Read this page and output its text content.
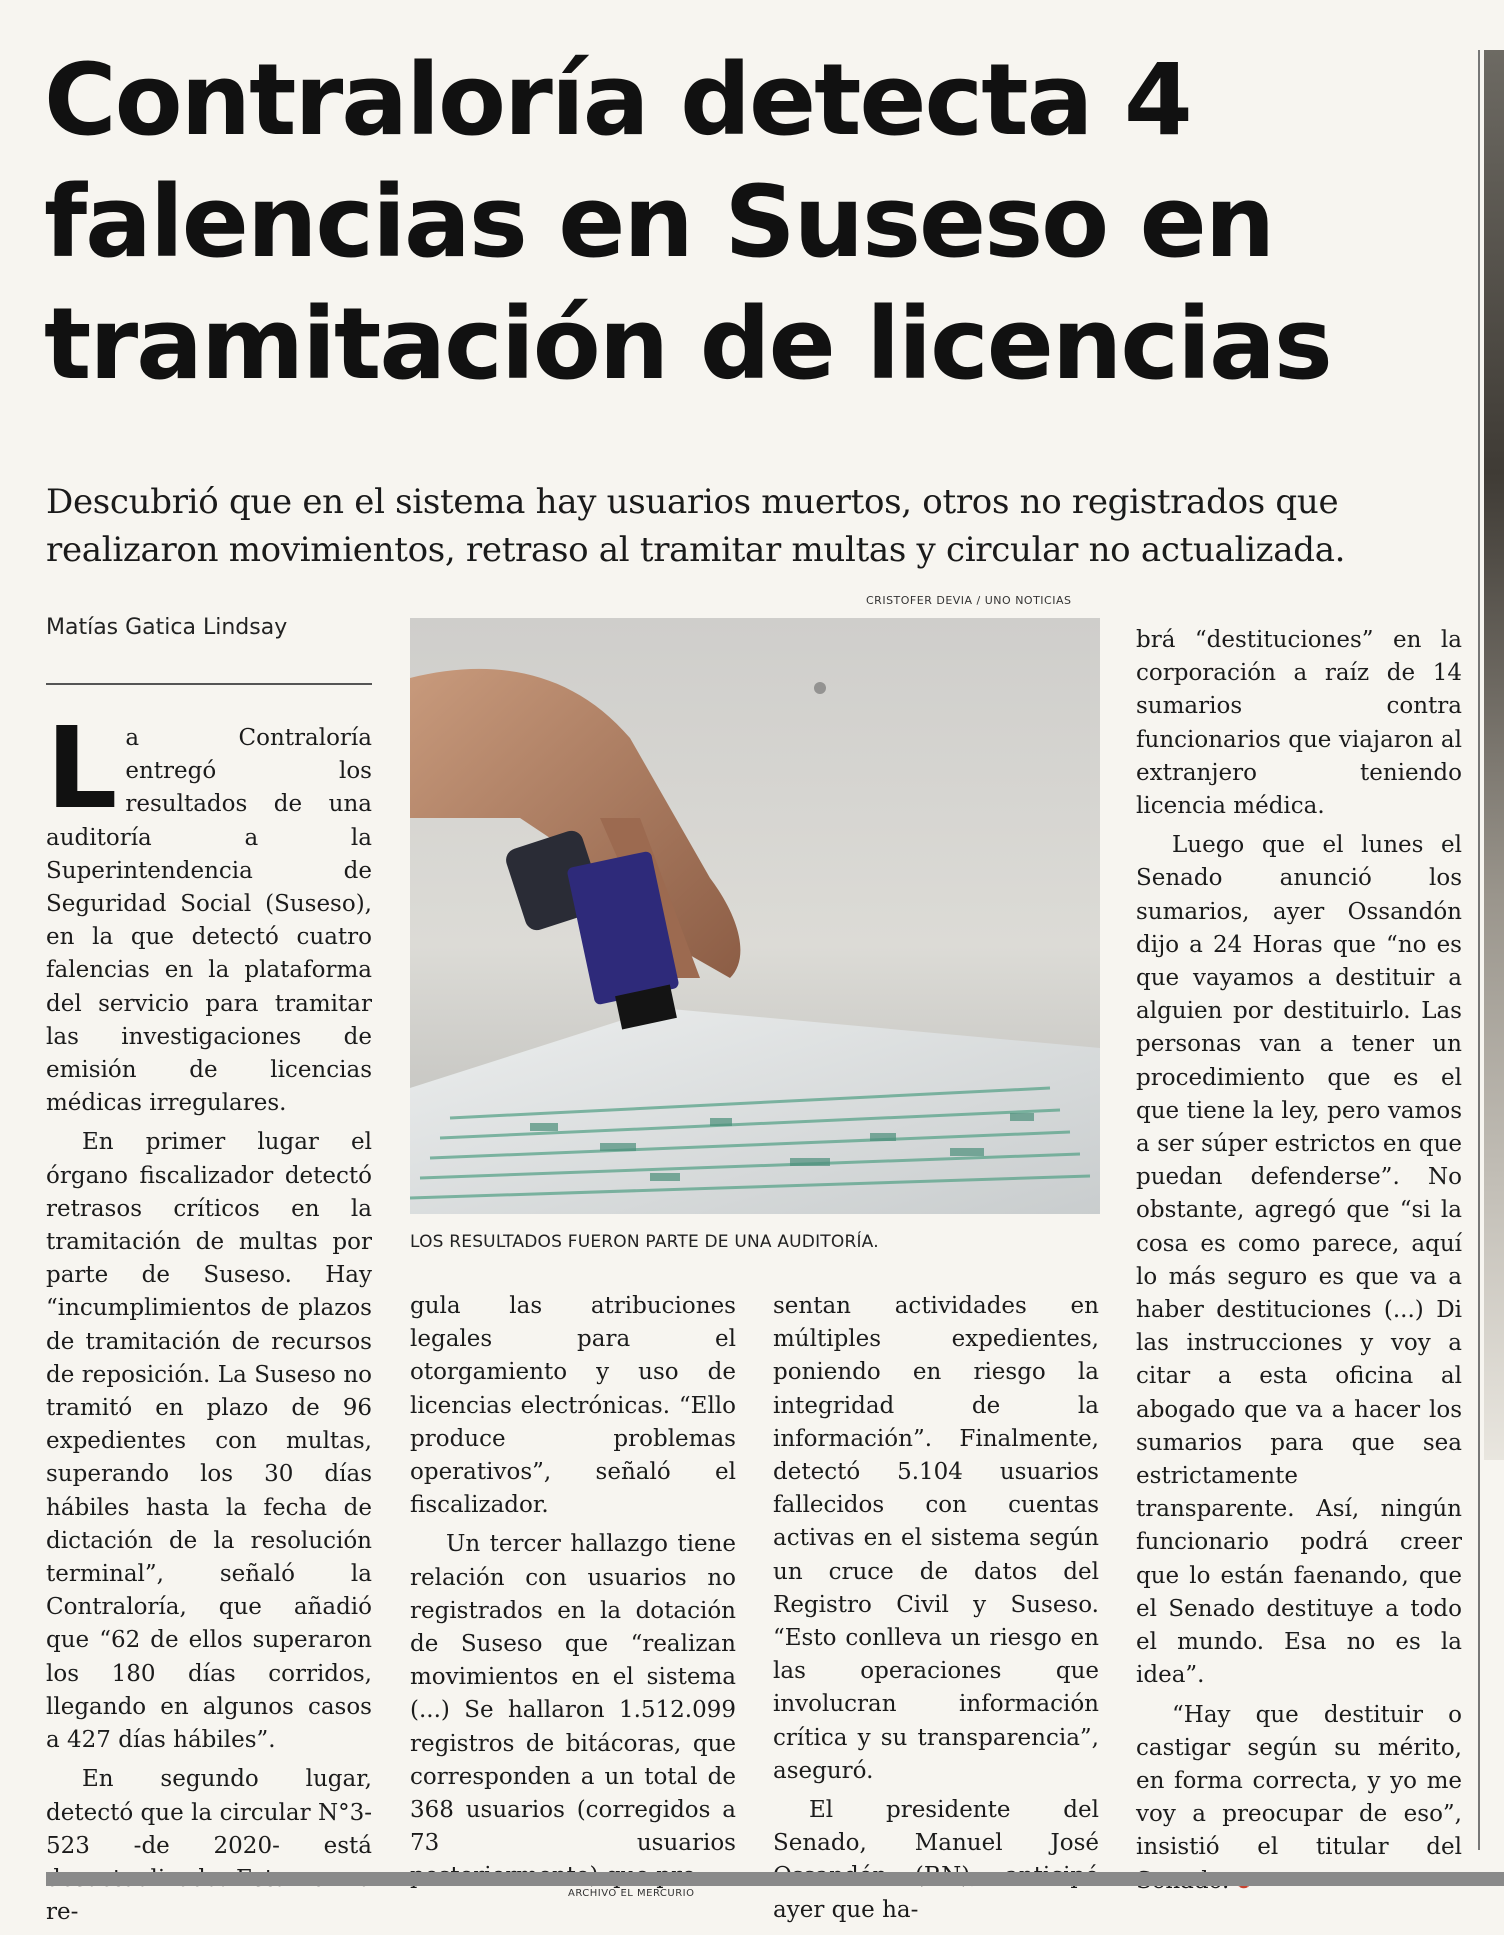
Contraloría detecta 4 falencias en Suseso en tramitación de licencias

Descubrió que en el sistema hay usuarios muertos, otros no registrados que realizaron movimientos, retraso al tramitar multas y circular no actualizada.

Matías Gatica Lindsay

La Contraloría entregó los resultados de una auditoría a la Superintendencia de Seguridad Social (Suseso), en la que detectó cuatro falencias en la plataforma del servicio para tramitar las investigaciones de emisión de licencias médicas irregulares.

En primer lugar el órgano fiscalizador detectó retrasos críticos en la tramitación de multas por parte de Suseso. Hay “incumplimientos de plazos de tramitación de recursos de reposición. La Suseso no tramitó en plazo de 96 expedientes con multas, superando los 30 días hábiles hasta la fecha de dictación de la resolución terminal”, señaló la Contraloría, que añadió que “62 de ellos superaron los 180 días corridos, llegando en algunos casos a 427 días hábiles”.

En segundo lugar, detectó que la circular N°3-523 -de 2020- está re-

CRISTOFER DEVIA / UNO NOTICIAS
LOS RESULTADOS FUERON PARTE DE UNA AUDITORÍA.

gula las atribuciones legales para el otorgamiento y uso de licencias electrónicas. “Ello produce problemas operativos”, señaló el fiscalizador.

Un tercer hallazgo tiene relación con usuarios no registrados en la dotación de Suseso que “realizan movimientos en el sistema (...) Se hallaron 1.512.099 registros de bitácoras, que corresponden a un total de 368 usuarios (corregidos a 73 usuarios

sentan actividades en múltiples expedientes, poniendo en riesgo la integridad de la información”. Finalmente, detectó 5.104 usuarios fallecidos con cuentas activas en el sistema según un cruce de datos del Registro Civil y Suseso. “Esto conlleva un riesgo en las operaciones que involucran información crítica y su transparencia”, aseguró.

El presidente del Senado, Manuel José ayer que ha-

brá “destituciones” en la corporación a raíz de 14 sumarios contra funcionarios que viajaron al extranjero teniendo licencia médica.

Luego que el lunes el Senado anunció los sumarios, ayer Ossandón dijo a 24 Horas que “no es que vayamos a destituir a alguien por destituirlo. Las personas van a tener un procedimiento que es el que tiene la ley, pero vamos a ser súper estrictos en que puedan defenderse”. No obstante, agregó que “si la cosa es como parece, aquí lo más seguro es que va a haber destituciones (...) Di las instrucciones y voy a citar a esta oficina al abogado que va a hacer los sumarios para que sea estrictamente transparente. Así, ningún funcionario podrá creer que lo están faenando, que el Senado destituye a todo el mundo. Esa no es la idea”.

“Hay que destituir o castigar según su mérito, en forma correcta, y yo me voy a preocupar de eso”, insistió el titular del

ARCHIVO EL MERCURIO
